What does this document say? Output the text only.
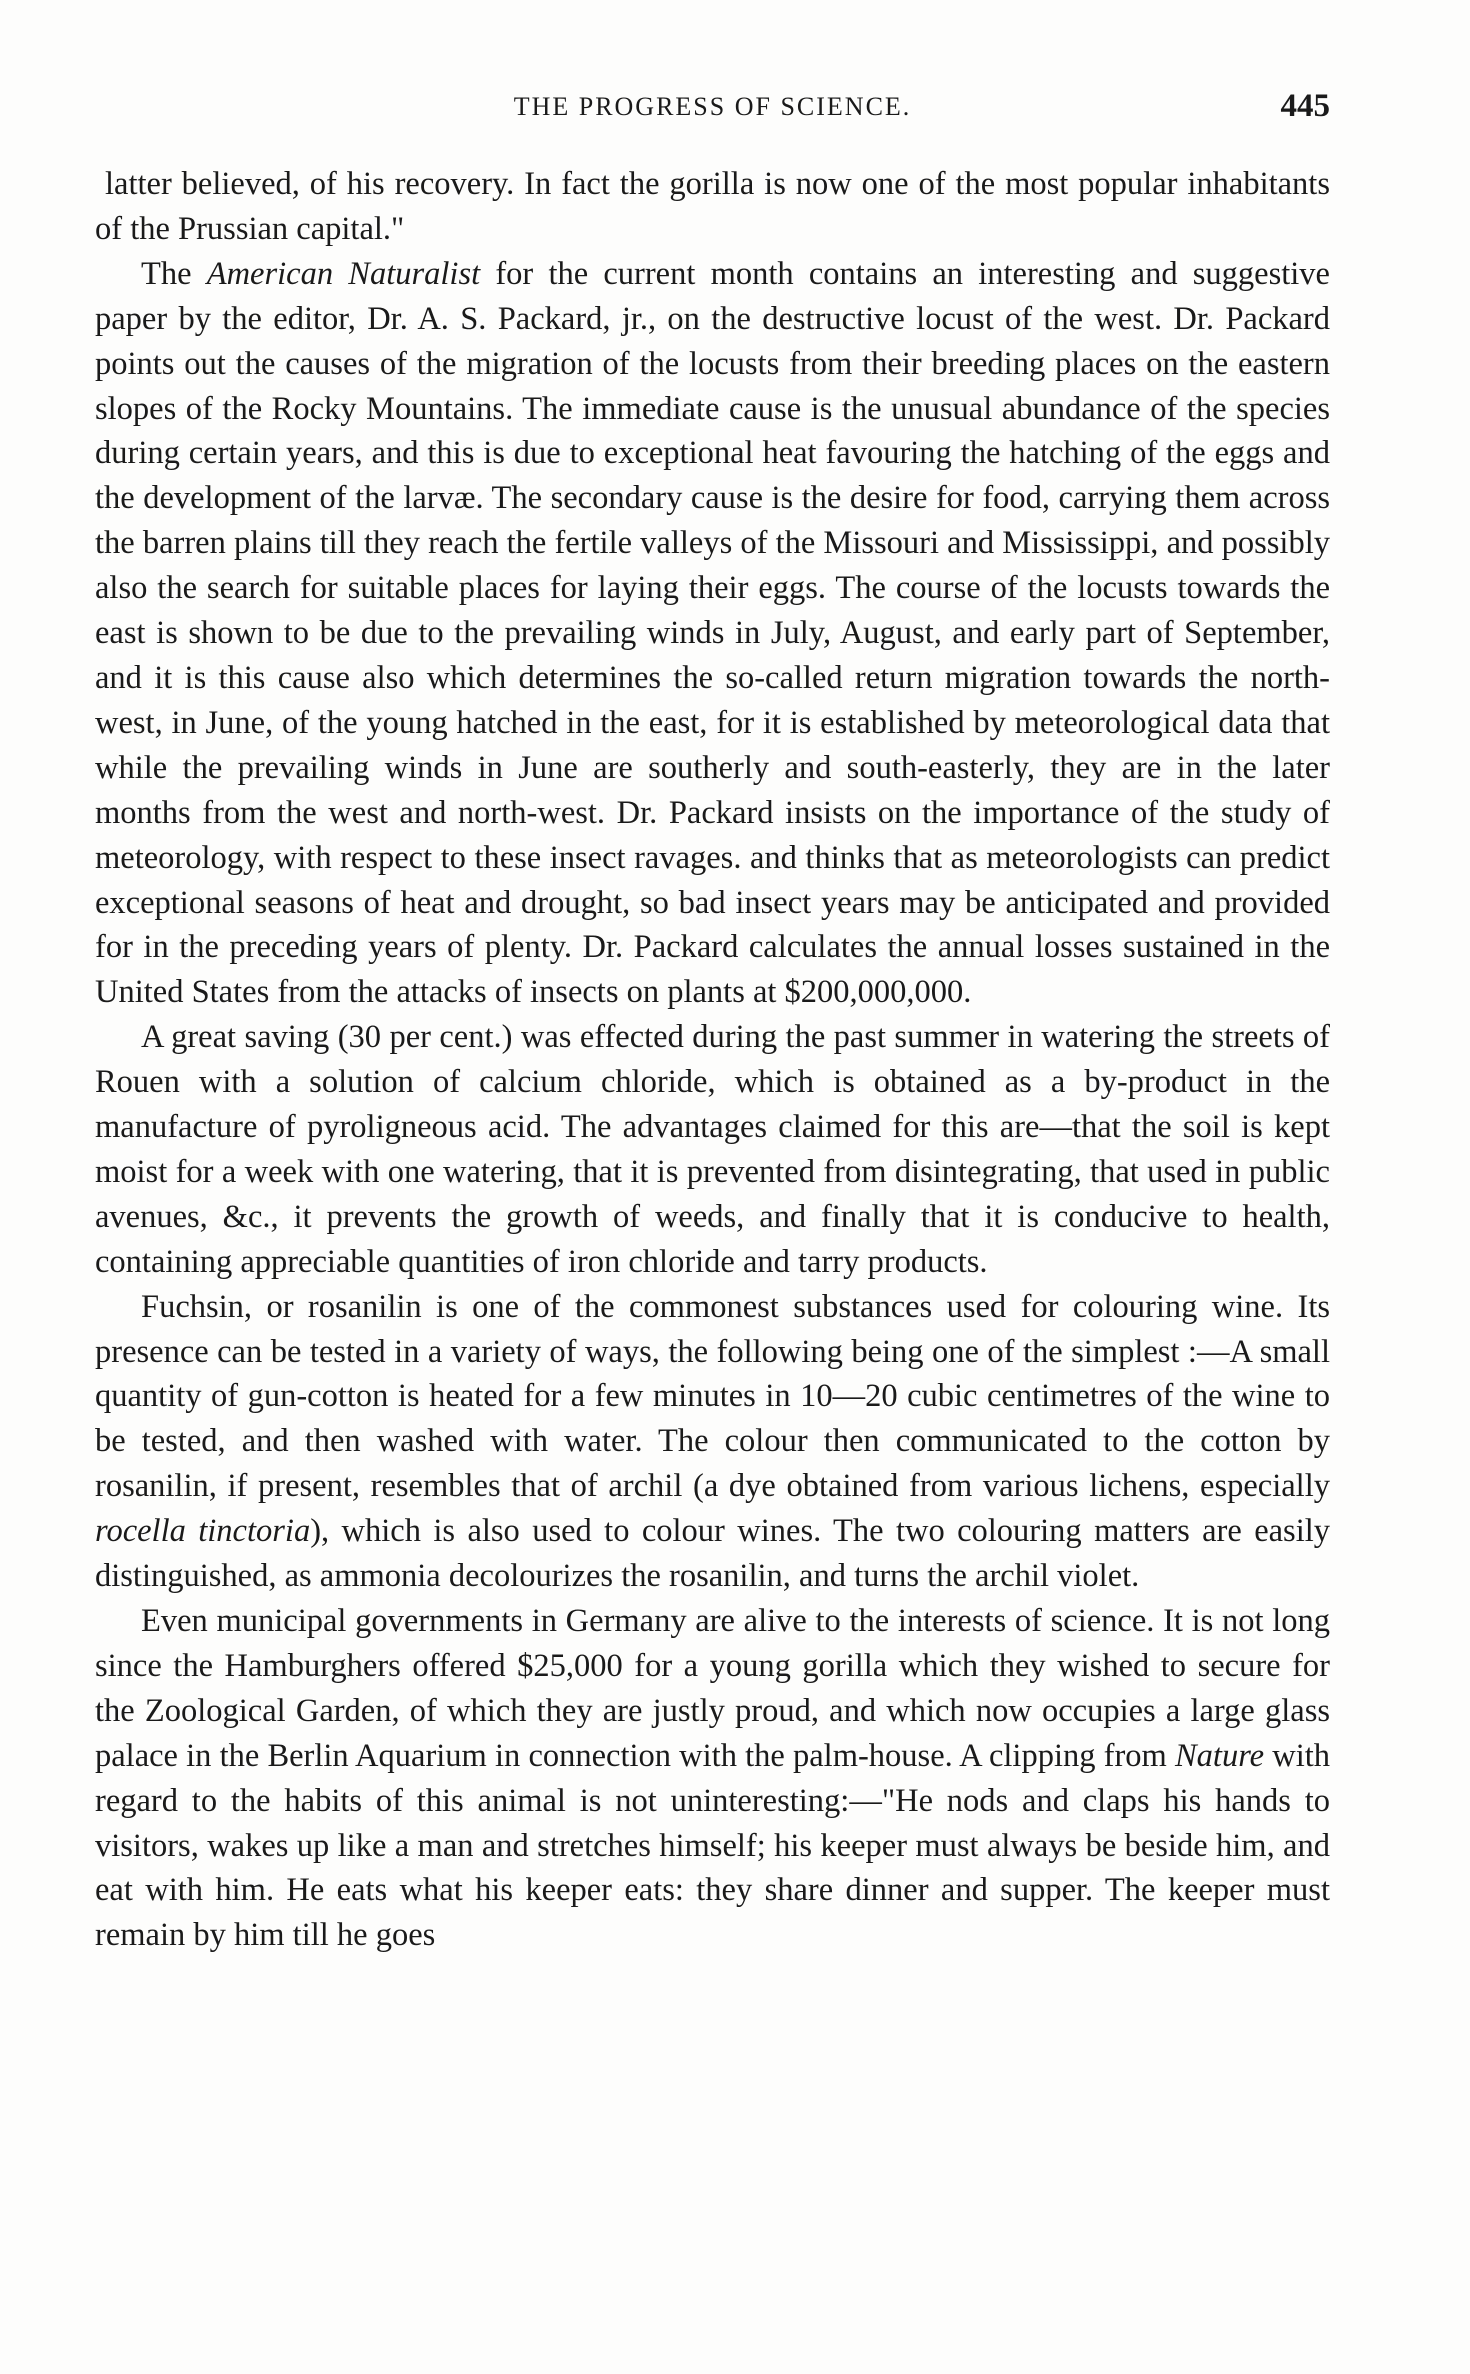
THE PROGRESS OF SCIENCE.	445

latter believed, of his recovery. In fact the gorilla is now one of the most popular inhabitants of the Prussian capital."

The American Naturalist for the current month contains an interesting and suggestive paper by the editor, Dr. A. S. Packard, jr., on the destructive locust of the west. Dr. Packard points out the causes of the migration of the locusts from their breeding places on the eastern slopes of the Rocky Mountains. The immediate cause is the unusual abundance of the species during certain years, and this is due to exceptional heat favouring the hatching of the eggs and the development of the larvæ. The secondary cause is the desire for food, carrying them across the barren plains till they reach the fertile valleys of the Missouri and Mississippi, and possibly also the search for suitable places for laying their eggs. The course of the locusts towards the east is shown to be due to the prevailing winds in July, August, and early part of September, and it is this cause also which determines the so-called return migration towards the north-west, in June, of the young hatched in the east, for it is established by meteorological data that while the prevailing winds in June are southerly and south-easterly, they are in the later months from the west and north-west. Dr. Packard insists on the importance of the study of meteorology, with respect to these insect ravages. and thinks that as meteorologists can predict exceptional seasons of heat and drought, so bad insect years may be anticipated and provided for in the preceding years of plenty. Dr. Packard calculates the annual losses sustained in the United States from the attacks of insects on plants at $200,000,000.

A great saving (30 per cent.) was effected during the past summer in watering the streets of Rouen with a solution of calcium chloride, which is obtained as a by-product in the manufacture of pyroligneous acid. The advantages claimed for this are—that the soil is kept moist for a week with one watering, that it is prevented from disintegrating, that used in public avenues, &c., it prevents the growth of weeds, and finally that it is conducive to health, containing appreciable quantities of iron chloride and tarry products.

Fuchsin, or rosanilin is one of the commonest substances used for colouring wine. Its presence can be tested in a variety of ways, the following being one of the simplest :—A small quantity of gun-cotton is heated for a few minutes in 10—20 cubic centimetres of the wine to be tested, and then washed with water. The colour then communicated to the cotton by rosanilin, if present, resembles that of archil (a dye obtained from various lichens, especially rocella tinctoria), which is also used to colour wines. The two colouring matters are easily distinguished, as ammonia decolourizes the rosanilin, and turns the archil violet.

Even municipal governments in Germany are alive to the interests of science. It is not long since the Hamburghers offered $25,000 for a young gorilla which they wished to secure for the Zoological Garden, of which they are justly proud, and which now occupies a large glass palace in the Berlin Aquarium in connection with the palm-house. A clipping from Nature with regard to the habits of this animal is not uninteresting:—"He nods and claps his hands to visitors, wakes up like a man and stretches himself; his keeper must always be beside him, and eat with him. He eats what his keeper eats: they share dinner and supper. The keeper must remain by him till he goes
